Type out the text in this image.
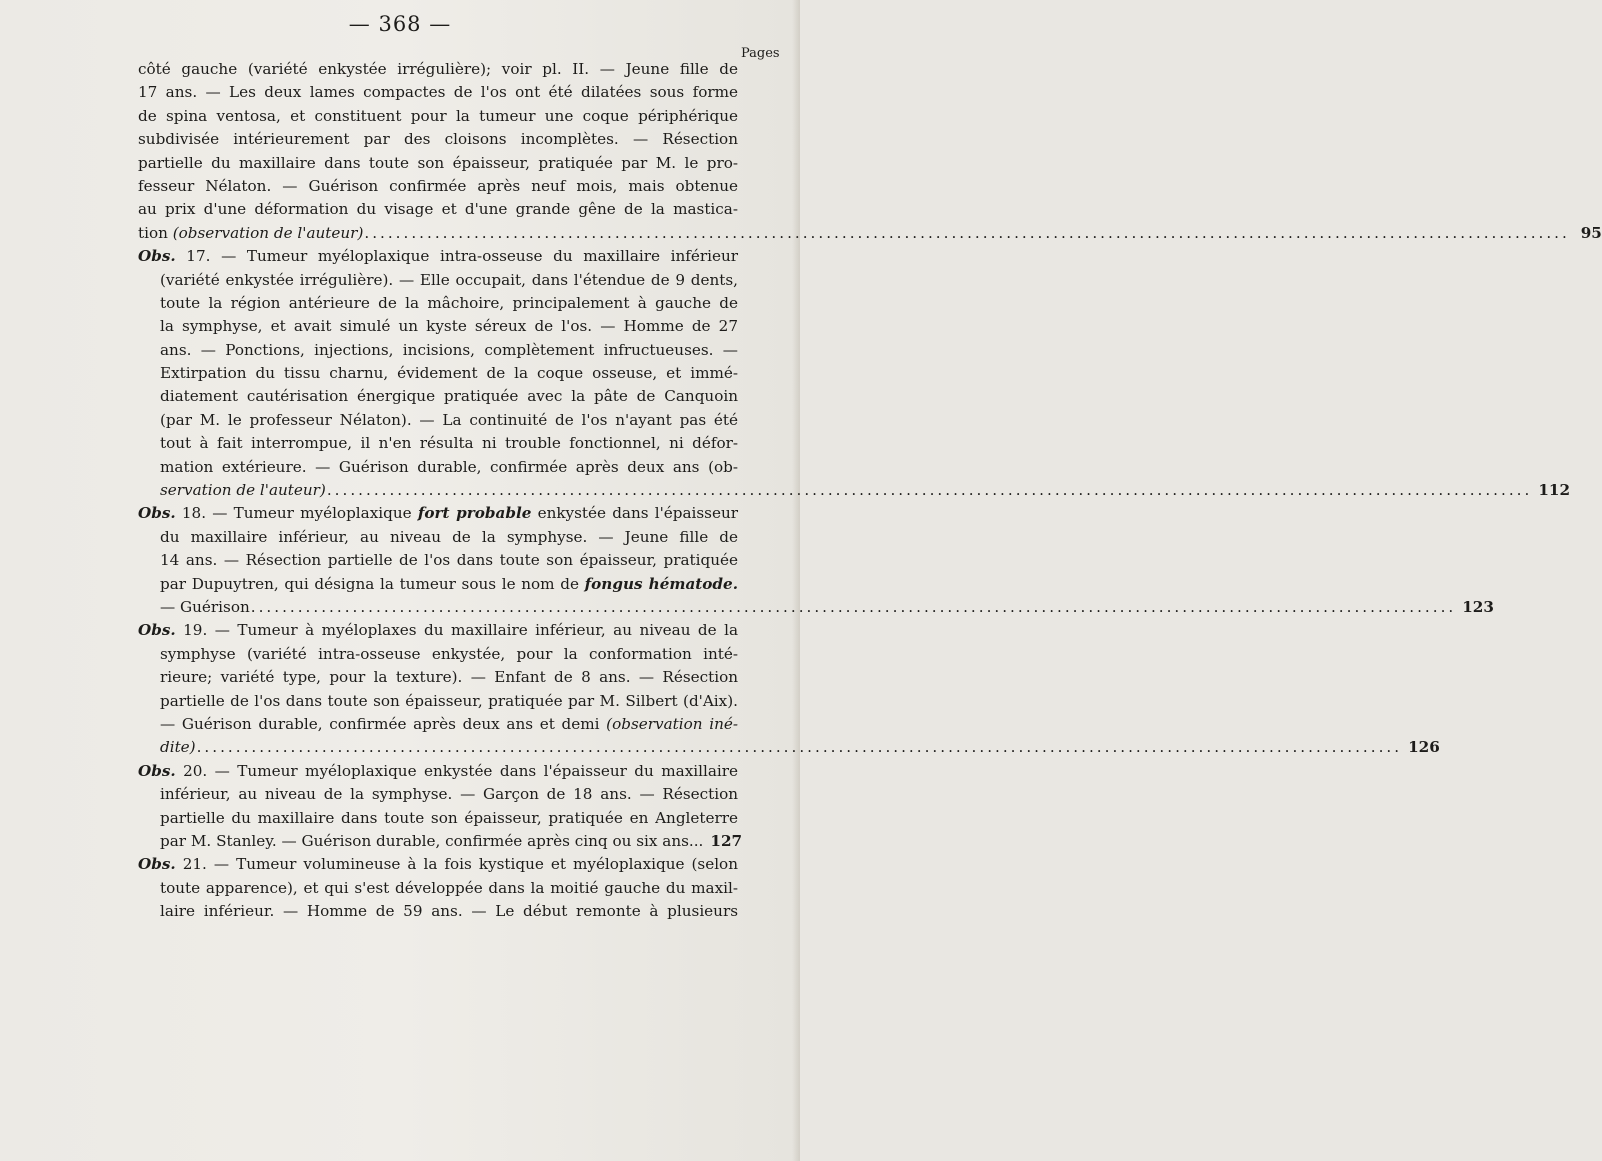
— 368 —
Pages
côté gauche (variété enkystée irrégulière); voir pl. II. — Jeune fille de
17 ans. — Les deux lames compactes de l'os ont été dilatées sous forme
de spina ventosa, et constituent pour la tumeur une coque périphérique
subdivisée intérieurement par des cloisons incomplètes. — Résection
partielle du maxillaire dans toute son épaisseur, pratiquée par M. le pro-
fesseur Nélaton. — Guérison confirmée après neuf mois, mais obtenue
au prix d'une déformation du visage et d'une grande gêne de la mastica-
tion (observation de l'auteur) .....	95
Obs. 17. — Tumeur myéloplaxique intra-osseuse du maxillaire inférieur
(variété enkystée irrégulière). — Elle occupait, dans l'étendue de 9 dents,
toute la région antérieure de la mâchoire, principalement à gauche de
la symphyse, et avait simulé un kyste séreux de l'os. — Homme de 27
ans. — Ponctions, injections, incisions, complètement infructueuses. —
Extirpation du tissu charnu, évidement de la coque osseuse, et immé-
diatement cautérisation énergique pratiquée avec la pâte de Canquoin
(par M. le professeur Nélaton). — La continuité de l'os n'ayant pas été
tout à fait interrompue, il n'en résulta ni trouble fonctionnel, ni défor-
mation extérieure. — Guérison durable, confirmée après deux ans (ob-
servation de l'auteur) .....	112
Obs. 18. — Tumeur myéloplaxique fort probable enkystée dans l'épaisseur
du maxillaire inférieur, au niveau de la symphyse. — Jeune fille de
14 ans. — Résection partielle de l'os dans toute son épaisseur, pratiquée
par Dupuytren, qui désigna la tumeur sous le nom de fongus hématode.
— Guérison .....	123
Obs. 19. — Tumeur à myéloplaxes du maxillaire inférieur, au niveau de la
symphyse (variété intra-osseuse enkystée, pour la conformation inté-
rieure; variété type, pour la texture). — Enfant de 8 ans. — Résection
partielle de l'os dans toute son épaisseur, pratiquée par M. Silbert (d'Aix).
— Guérison durable, confirmée après deux ans et demi (observation iné-
dite) .....	126
Obs. 20. — Tumeur myéloplaxique enkystée dans l'épaisseur du maxillaire
inférieur, au niveau de la symphyse. — Garçon de 18 ans. — Résection
partielle du maxillaire dans toute son épaisseur, pratiquée en Angleterre
par M. Stanley. — Guérison durable, confirmée après cinq ou six ans... 127
Obs. 21. — Tumeur volumineuse à la fois kystique et myéloplaxique (selon
toute apparence), et qui s'est développée dans la moitié gauche du maxil-
laire inférieur. — Homme de 59 ans. — Le début remonte à plusieurs
